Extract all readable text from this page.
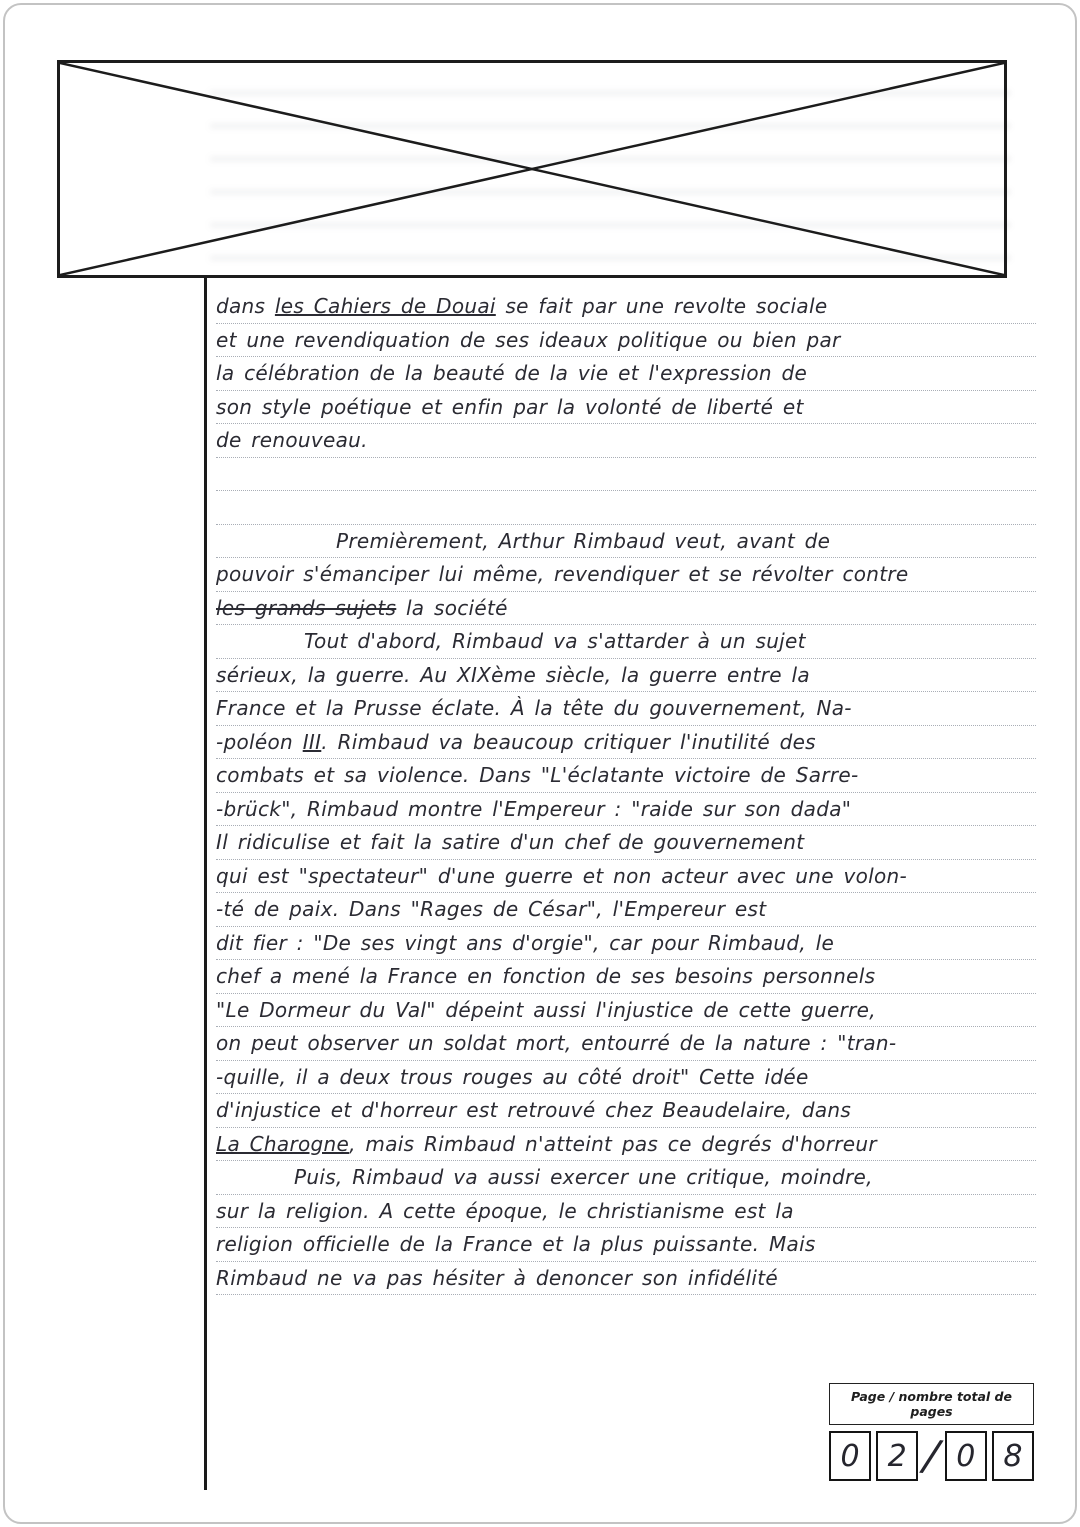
dans les Cahiers de Douai se fait par une revolte sociale
et une revendiquation de ses ideaux politique ou bien par
la célébration de la beauté de la vie et l'expression de
son style poétique et enfin par la volonté de liberté et
de renouveau.
Premièrement, Arthur Rimbaud veut, avant de
pouvoir s'émanciper lui même, revendiquer et se révolter contre
les grands sujets la société
Tout d'abord, Rimbaud va s'attarder à un sujet
sérieux, la guerre. Au XIXème siècle, la guerre entre la
France et la Prusse éclate. À la tête du gouvernement, Na-
-poléon III. Rimbaud va beaucoup critiquer l'inutilité des
combats et sa violence. Dans "L'éclatante victoire de Sarre-
-brück", Rimbaud montre l'Empereur : "raide sur son dada"
Il ridiculise et fait la satire d'un chef de gouvernement
qui est "spectateur" d'une guerre et non acteur avec une volon-
-té de paix. Dans "Rages de César", l'Empereur est
dit fier : "De ses vingt ans d'orgie", car pour Rimbaud, le
chef a mené la France en fonction de ses besoins personnels
"Le Dormeur du Val" dépeint aussi l'injustice de cette guerre,
on peut observer un soldat mort, entourré de la nature : "tran-
-quille, il a deux trous rouges au côté droit" Cette idée
d'injustice et d'horreur est retrouvé chez Beaudelaire, dans
La Charogne, mais Rimbaud n'atteint pas ce degrés d'horreur
Puis, Rimbaud va aussi exercer une critique, moindre,
sur la religion. A cette époque, le christianisme est la
religion officielle de la France et la plus puissante. Mais
Rimbaud ne va pas hésiter à denoncer son infidélité
Page / nombre total de pages
0 2 / 0 8
